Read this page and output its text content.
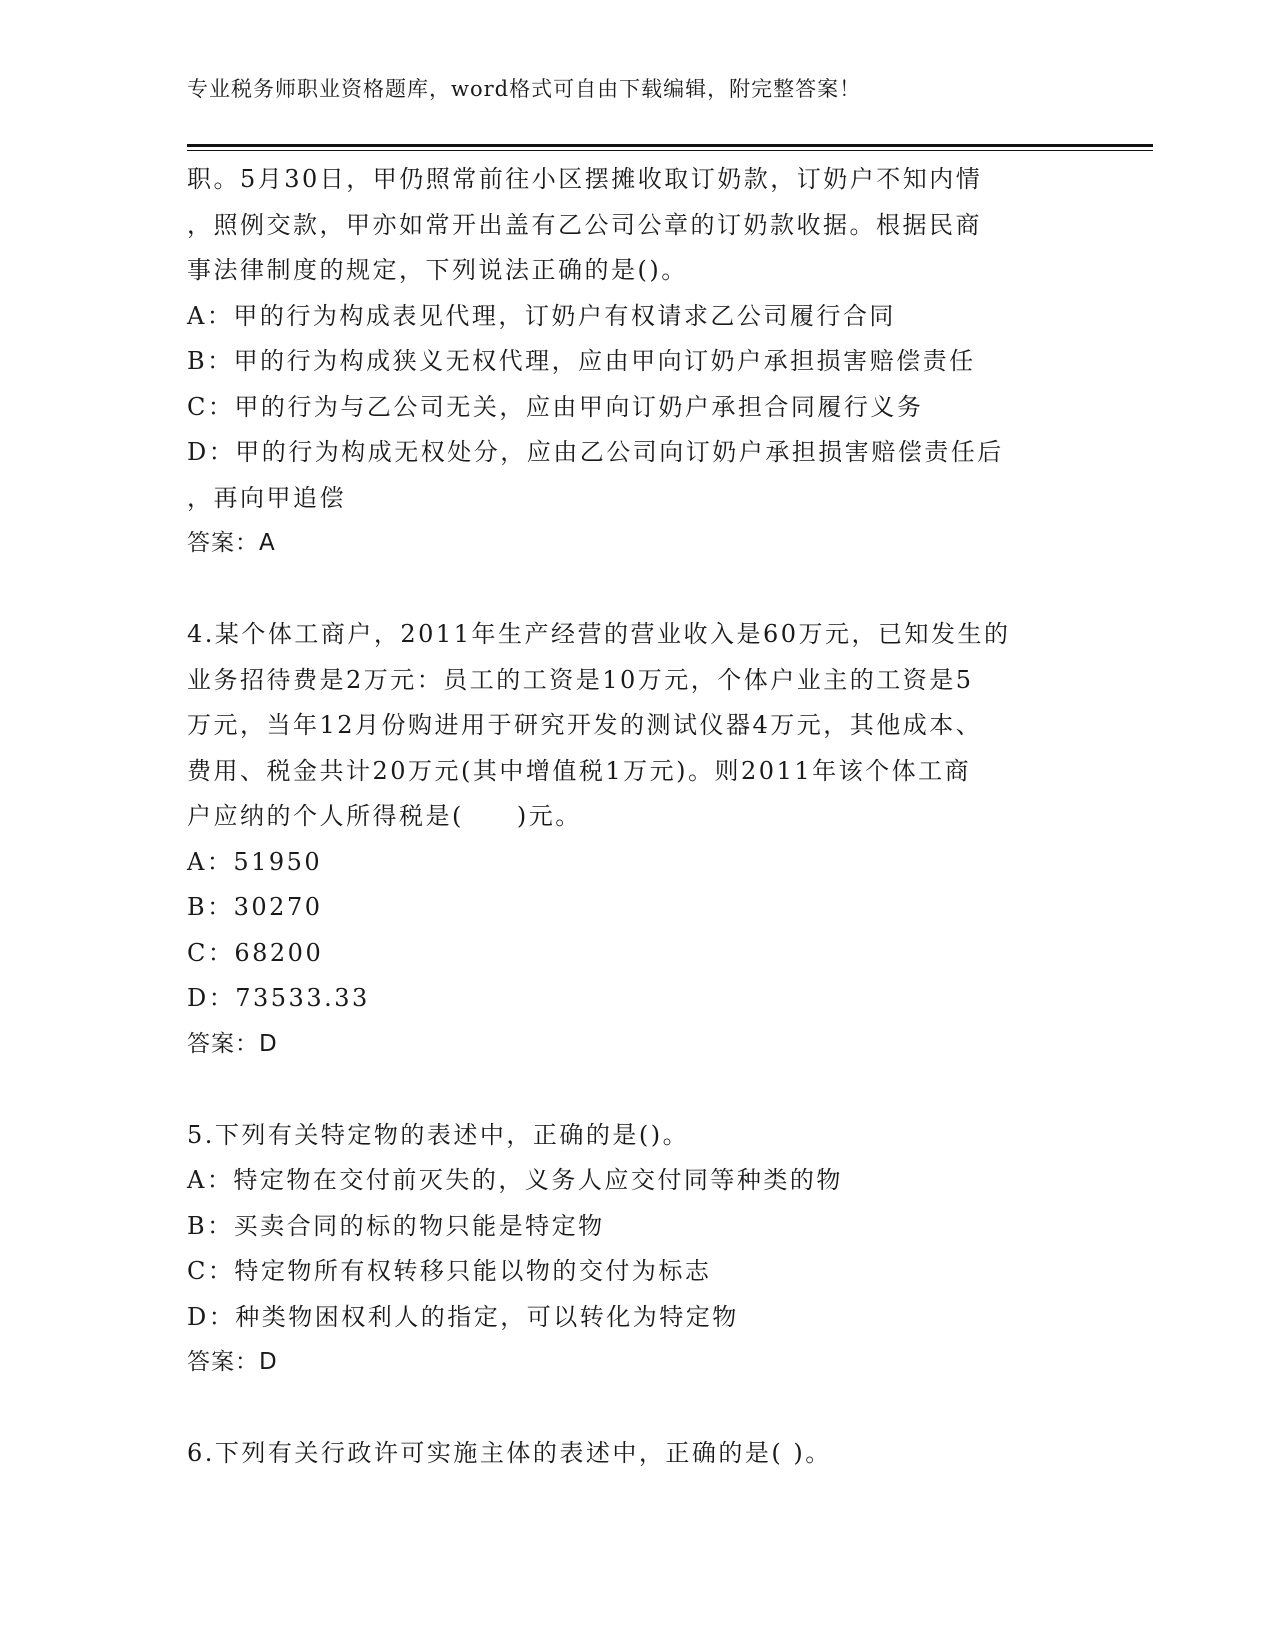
专业税务师职业资格题库，word格式可自由下载编辑，附完整答案！
职。5月30日，甲仍照常前往小区摆摊收取订奶款，订奶户不知内情
，照例交款，甲亦如常开出盖有乙公司公章的订奶款收据。根据民商
事法律制度的规定，下列说法正确的是()。
A：甲的行为构成表见代理，订奶户有权请求乙公司履行合同
B：甲的行为构成狭义无权代理，应由甲向订奶户承担损害赔偿责任
C：甲的行为与乙公司无关，应由甲向订奶户承担合同履行义务
D：甲的行为构成无权处分，应由乙公司向订奶户承担损害赔偿责任后
，再向甲追偿
答案：A
4.某个体工商户，2011年生产经营的营业收入是60万元，已知发生的
业务招待费是2万元：员工的工资是10万元，个体户业主的工资是5
万元，当年12月份购进用于研究开发的测试仪器4万元，其他成本、
费用、税金共计20万元(其中增值税1万元)。则2011年该个体工商
户应纳的个人所得税是(　　)元。
A：51950
B：30270
C：68200
D：73533.33
答案：D
5.下列有关特定物的表述中，正确的是()。
A：特定物在交付前灭失的，义务人应交付同等种类的物
B：买卖合同的标的物只能是特定物
C：特定物所有权转移只能以物的交付为标志
D：种类物困权利人的指定，可以转化为特定物
答案：D
6.下列有关行政许可实施主体的表述中，正确的是( )。
